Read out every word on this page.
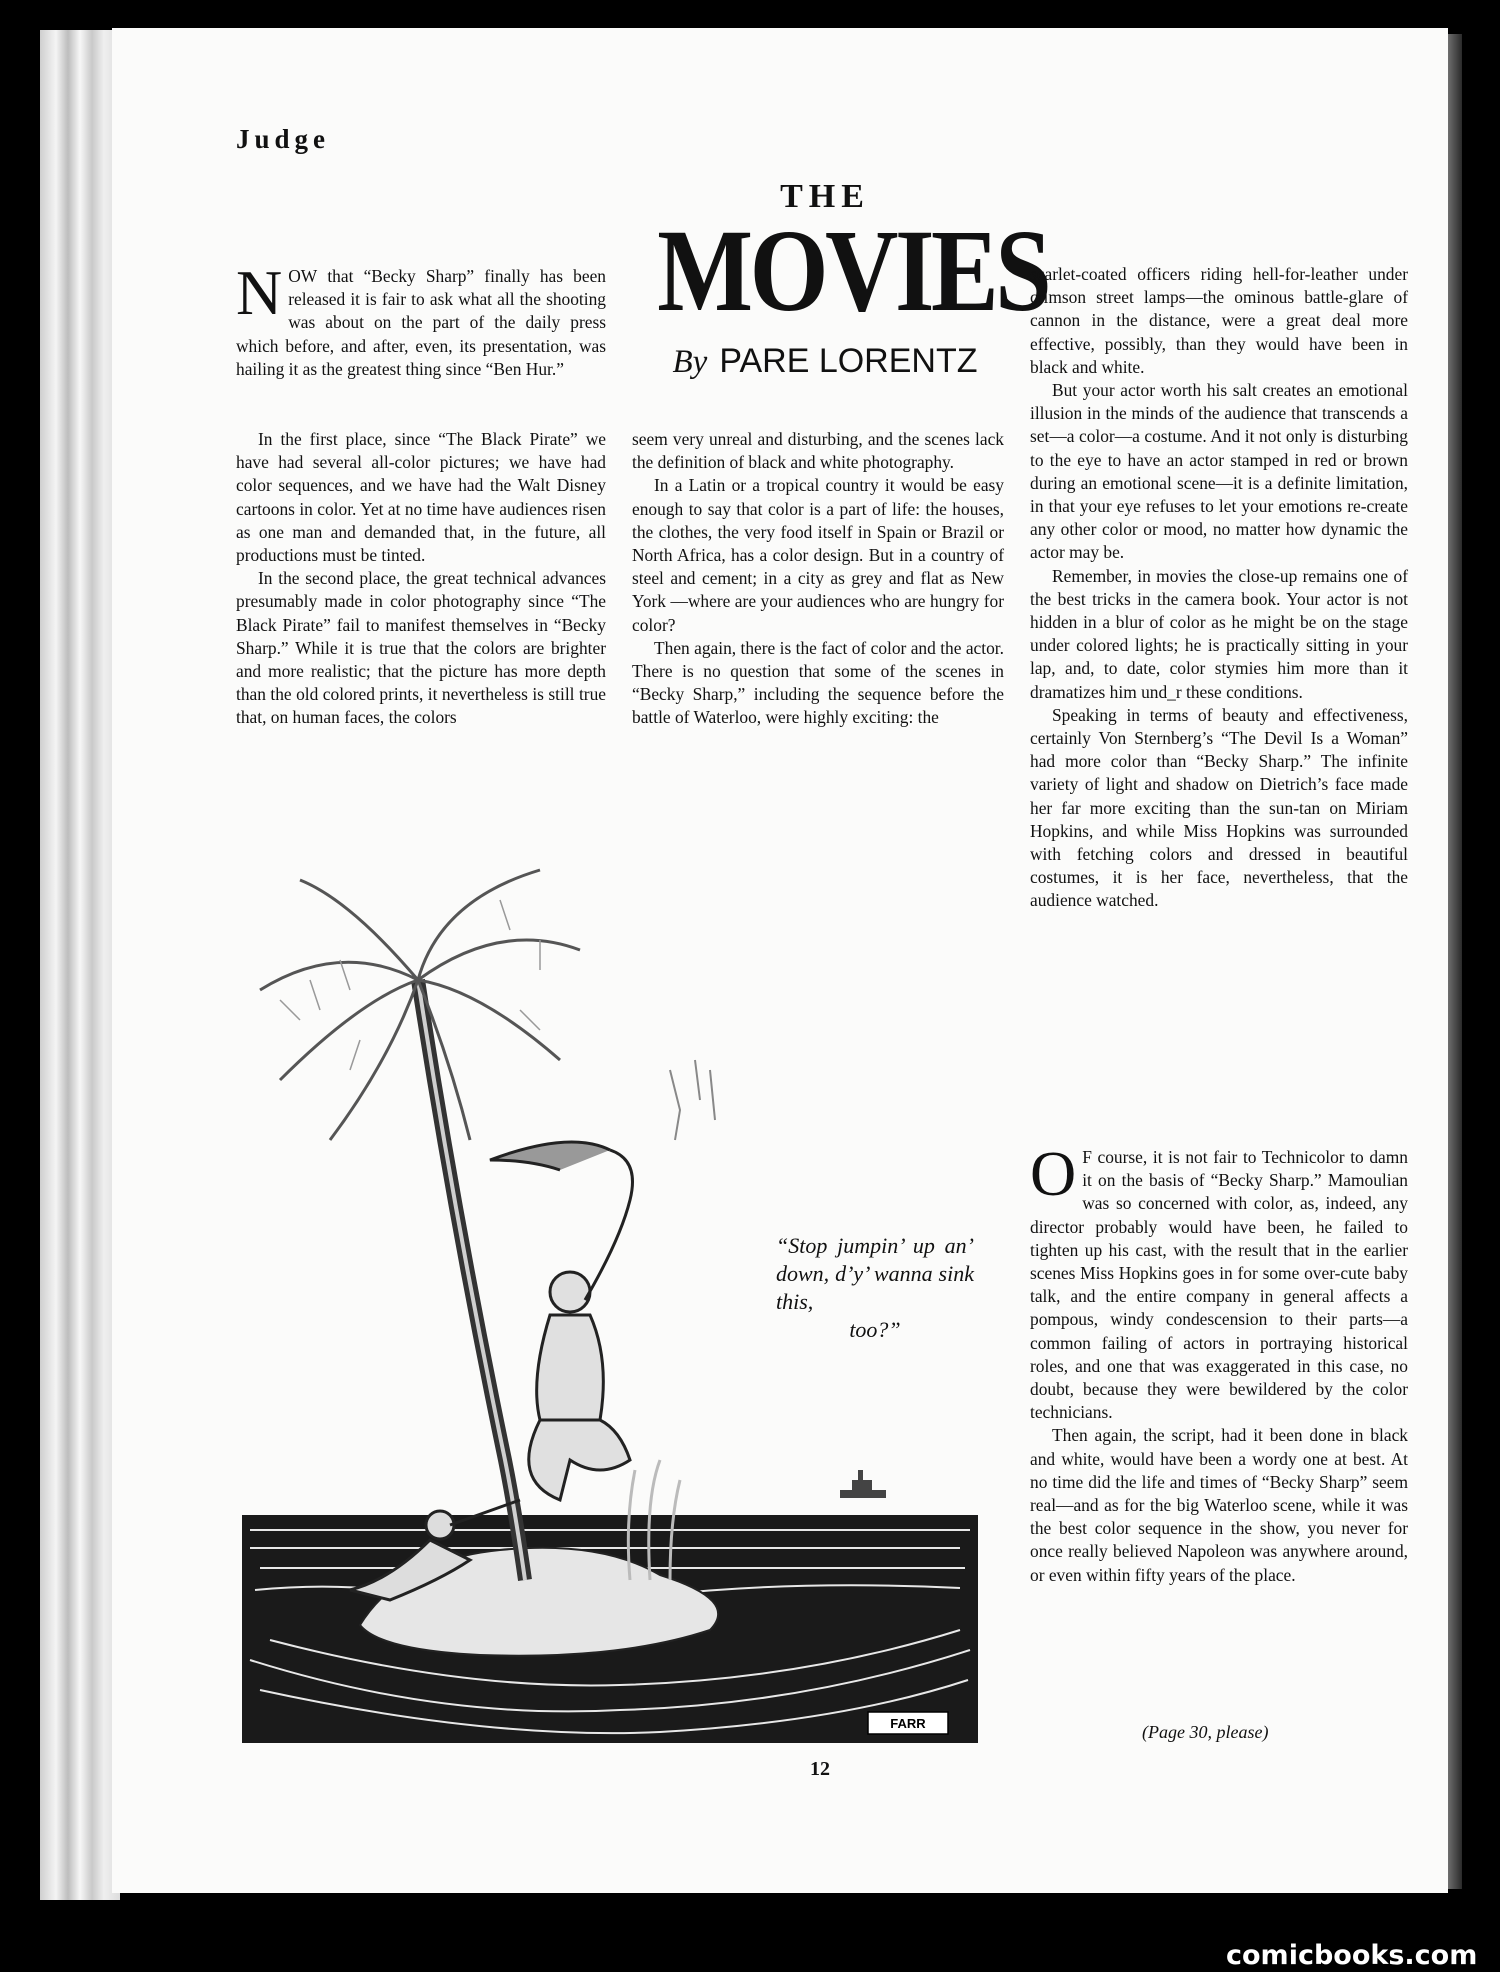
Judge
THE
MOVIES

By PARE LORENTZ

NOW that “Becky Sharp” finally has been released it is fair to ask what all the shooting was about on the part of the daily press which before, and after, even, its presentation, was hailing it as the greatest thing since “Ben Hur.”

In the first place, since “The Black Pirate” we have had several all-color pictures; we have had color sequences, and we have had the Walt Disney cartoons in color. Yet at no time have audiences risen as one man and demanded that, in the future, all productions must be tinted.

In the second place, the great technical advances presumably made in color photography since “The Black Pirate” fail to manifest themselves in “Becky Sharp.” While it is true that the colors are brighter and more realistic; that the picture has more depth than the old colored prints, it nevertheless is still true that, on human faces, the colors

seem very unreal and disturbing, and the scenes lack the definition of black and white photography.

In a Latin or a tropical country it would be easy enough to say that color is a part of life: the houses, the clothes, the very food itself in Spain or Brazil or North Africa, has a color design. But in a country of steel and cement; in a city as grey and flat as New York —where are your audiences who are hungry for color?

Then again, there is the fact of color and the actor. There is no question that some of the scenes in “Becky Sharp,” including the sequence before the battle of Waterloo, were highly exciting: the

scarlet-coated officers riding hell-for-leather under crimson street lamps—the ominous battle-glare of cannon in the distance, were a great deal more effective, possibly, than they would have been in black and white.

But your actor worth his salt creates an emotional illusion in the minds of the audience that transcends a set—a color—a costume. And it not only is disturbing to the eye to have an actor stamped in red or brown during an emotional scene—it is a definite limitation, in that your eye refuses to let your emotions re-create any other color or mood, no matter how dynamic the actor may be.

Remember, in movies the close-up remains one of the best tricks in the camera book. Your actor is not hidden in a blur of color as he might be on the stage under colored lights; he is practically sitting in your lap, and, to date, color stymies him more than it dramatizes him und_r these conditions.

Speaking in terms of beauty and effectiveness, certainly Von Sternberg’s “The Devil Is a Woman” had more color than “Becky Sharp.” The infinite variety of light and shadow on Dietrich’s face made her far more exciting than the sun-tan on Miriam Hopkins, and while Miss Hopkins was surrounded with fetching colors and dressed in beautiful costumes, it is her face, nevertheless, that the audience watched.

O F course, it is not fair to Technicolor to damn it on the basis of “Becky Sharp.” Mamoulian was so concerned with color, as, indeed, any director probably would have been, he failed to tighten up his cast, with the result that in the earlier scenes Miss Hopkins goes in for some over-cute baby talk, and the entire company in general affects a pompous, windy condescension to their parts—a common failing of actors in portraying historical roles, and one that was exaggerated in this case, no doubt, because they were bewildered by the color technicians.

Then again, the script, had it been done in black and white, would have been a wordy one at best. At no time did the life and times of “Becky Sharp” seem real—and as for the big Waterloo scene, while it was the best color sequence in the show, you never for once really believed Napoleon was anywhere around, or even within fifty years of the place.

FARR

“Stop jumpin’ up an’ down, d’y’ wanna sink this,
too?”

(Page 30, please)

12

comicbooks.com
